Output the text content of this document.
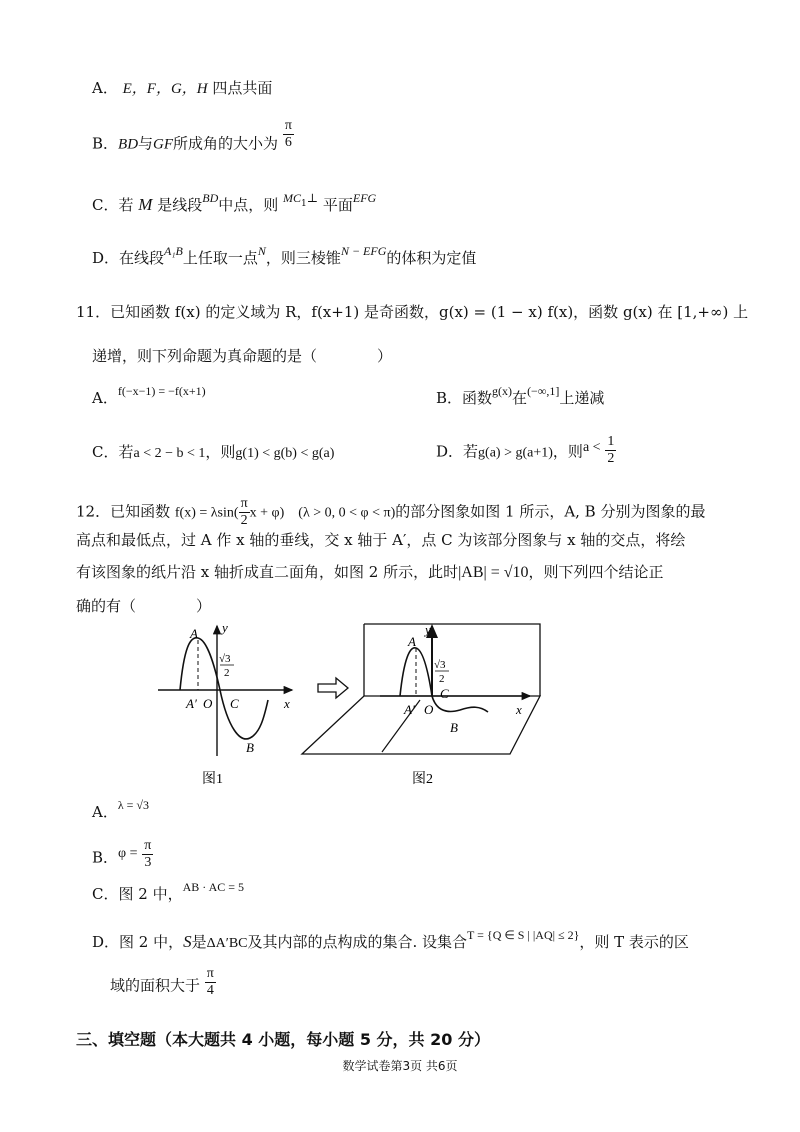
A． E，F，G，H 四点共面
B．BD与GF所成角的大小为 $\frac{\pi}{6}$
C．若 M 是线段$^{BD}$中点，则 $^{MC1\perp}$ 平面$^{EFG}$
D．在线段$^{A_1B}$上任取一点$^N$，则三棱锥$^{N - EFG}$的体积为定值
11．已知函数 f(x) 的定义域为 R，f(x+1) 是奇函数，g(x) = (1 − x) f(x)，函数 g(x) 在 [1,+∞) 上
递增，则下列命题为真命题的是（　　　　）
A．$^{f(-x-1) = -f(x+1)}$	B．函数$^{g(x)}$在$^{(-\infty,1]}$上递减
C．若a < 2 − b < 1，则g(1) < g(b) < g(a)	D．若g(a) > g(a+1)，则$a < \frac{1}{2}$
12．已知函数 $f(x) = \lambda\sin( \frac{\pi}{2}$ x + φ)　(λ > 0, 0 < φ < π)的部分图象如图 1 所示，A, B 分别为图象的最
高点和最低点，过 A 作 x 轴的垂线，交 x 轴于 A′，点 C 为该部分图象与 x 轴的交点，将绘
有该图象的纸片沿 x 轴折成直二面角，如图 2 所示，此时|AB| = √10，则下列四个结论正
确的有（　　　　）
A
A′ O C
B
x
y
√3
2
图1
A
A′ O
C
B
x
y
√3
2
图2
A．$^{\lambda = √3}$
B．$\varphi = \frac{\pi}{3}$
C．图 2 中，$^{AB \cdot AC = 5}$
D．图 2 中，S是ΔA′BC及其内部的点构成的集合. 设集合$^{T = \{Q \in S | |AQ| \le 2\}}$，则 T 表示的区
域的面积大于 $\frac{\pi}{4}$
三、填空题（本大题共 4 小题，每小题 5 分，共 20 分）
数学试卷第3页 共6页
